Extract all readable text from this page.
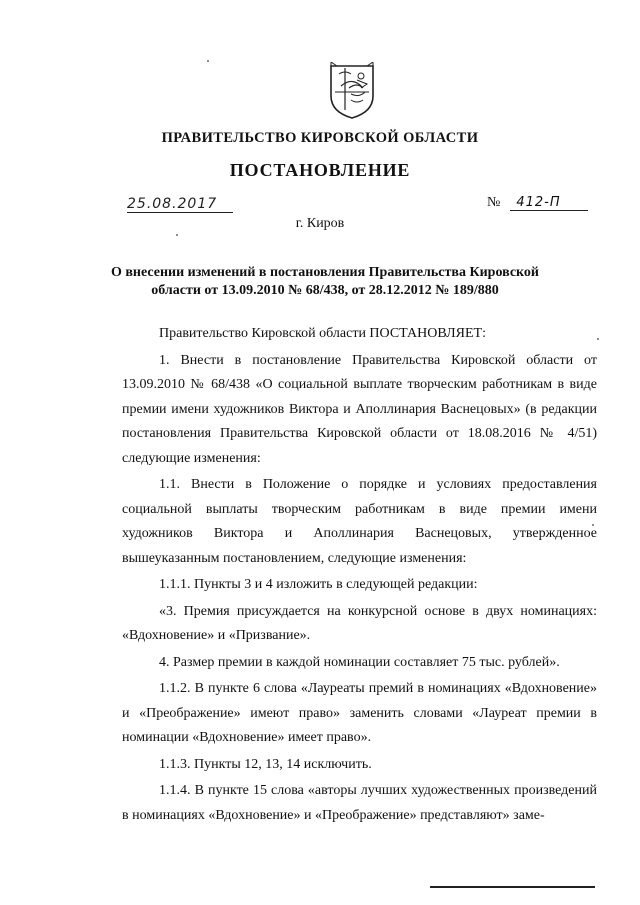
ПРАВИТЕЛЬСТВО КИРОВСКОЙ ОБЛАСТИ
ПОСТАНОВЛЕНИЕ
25.08.2017	№ 412-П
г. Киров
О внесении изменений в постановления Правительства Кировской области от 13.09.2010 № 68/438, от 28.12.2012 № 189/880

Правительство Кировской области ПОСТАНОВЛЯЕТ:

1. Внести в постановление Правительства Кировской области от 13.09.2010 № 68/438 «О социальной выплате творческим работникам в виде премии имени художников Виктора и Аполлинария Васнецовых» (в редакции постановления Правительства Кировской области от 18.08.2016 № 4/51) следующие изменения:

1.1. Внести в Положение о порядке и условиях предоставления социальной выплаты творческим работникам в виде премии имени художников Виктора и Аполлинария Васнецовых, утвержденное вышеуказанным постановлением, следующие изменения:

1.1.1. Пункты 3 и 4 изложить в следующей редакции:

«3. Премия присуждается на конкурсной основе в двух номинациях: «Вдохновение» и «Призвание».

4. Размер премии в каждой номинации составляет 75 тыс. рублей».

1.1.2. В пункте 6 слова «Лауреаты премий в номинациях «Вдохновение» и «Преображение» имеют право» заменить словами «Лауреат премии в номинации «Вдохновение» имеет право».

1.1.3. Пункты 12, 13, 14 исключить.

1.1.4. В пункте 15 слова «авторы лучших художественных произведений в номинациях «Вдохновение» и «Преображение» представляют» заме-
